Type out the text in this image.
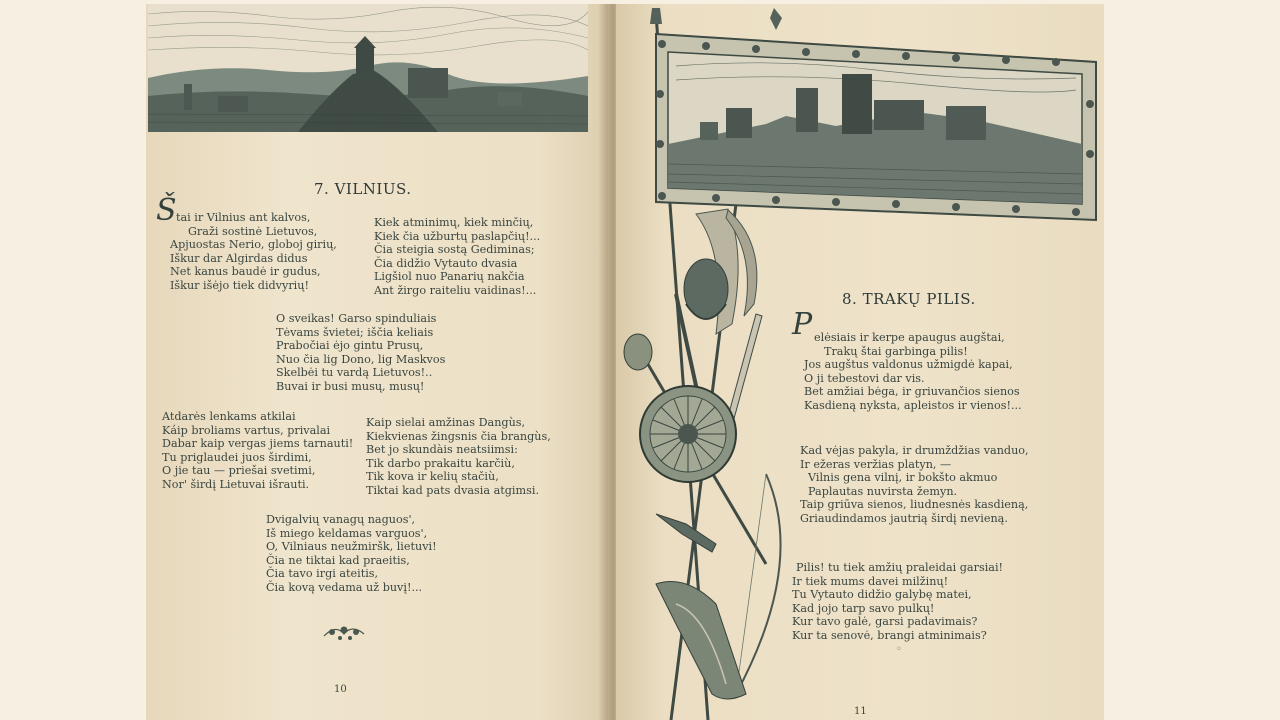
7. VILNIUS.
Š tai ir Vilnius ant kalvos,
Graži sostinė Lietuvos,
Apjuostas Nerio, globoj girių,
Iškur dar Algirdas didus
Net kanus baudė ir gudus,
Iškur išėjo tiek didvyrių!
Kiek atminimų, kiek minčių,
Kiek čia užburtų paslapčių!...
Čia steigia sostą Gediminas;
Čia didžio Vytauto dvasia
Ligšiol nuo Panarių nakčia
Ant žirgo raiteliu vaidinas!...
O sveikas! Garso spinduliais
Tėvams švietei; iščia keliais
Prabočiai ėjo gintu Prusų,
Nuo čia lig Dono, lig Maskvos
Skelbėi tu vardą Lietuvos!..
Buvai ir busi musų, musų!
Atdarės lenkams atkilai
Káip broliams vartus, privalai
Dabar kaip vergas jiems tarnauti!
Tu priglaudei juos širdimi,
O jie tau — priešai svetimi,
Nor' širdį Lietuvai išrauti.
Kaip sielai amžinas Dangùs,
Kiekvienas žingsnis čia brangùs,
Bet jo skundàis neatsiimsi:
Tik darbo prakaitu karčiù,
Tik kova ir kelių stačiù,
Tiktai kad pats dvasia atgimsi.
Dvigalvių vanagų naguos',
Iš miego keldamas varguos',
O, Vilniaus neužmiršk, lietuvi!
Čia ne tiktai kad praeitis,
Čia tavo irgi ateitis,
Čia kovą vedama už buvį!...
10
8. TRAKŲ PILIS.
P elėsiais ir kerpe apaugus augštai,
Trakų štai garbinga pilis!
Jos augštus valdonus užmigdė kapai,
O ji tebestovi dar vis.
Bet amžiai bėga, ir griuvančios sienos
Kasdieną nyksta, apleistos ir vienos!...
Kad vėjas pakyla, ir drumždžias vanduo,
Ir ežeras veržias platyn, —
Vilnis gena vilnį, ir bokšto akmuo
Paplautas nuvirsta žemyn.
Taip griūva sienos, liudnesnės kasdieną,
Griaudindamos jautrią širdį nevieną.
Pilis! tu tiek amžių praleidai garsiai!
Ir tiek mums davei milžinų!
Tu Vytauto didžio galybę matei,
Kad jojo tarp savo pulkų!
Kur tavo galė, garsi padavimais?
Kur ta senovė, brangi atminimais?
◦
11
